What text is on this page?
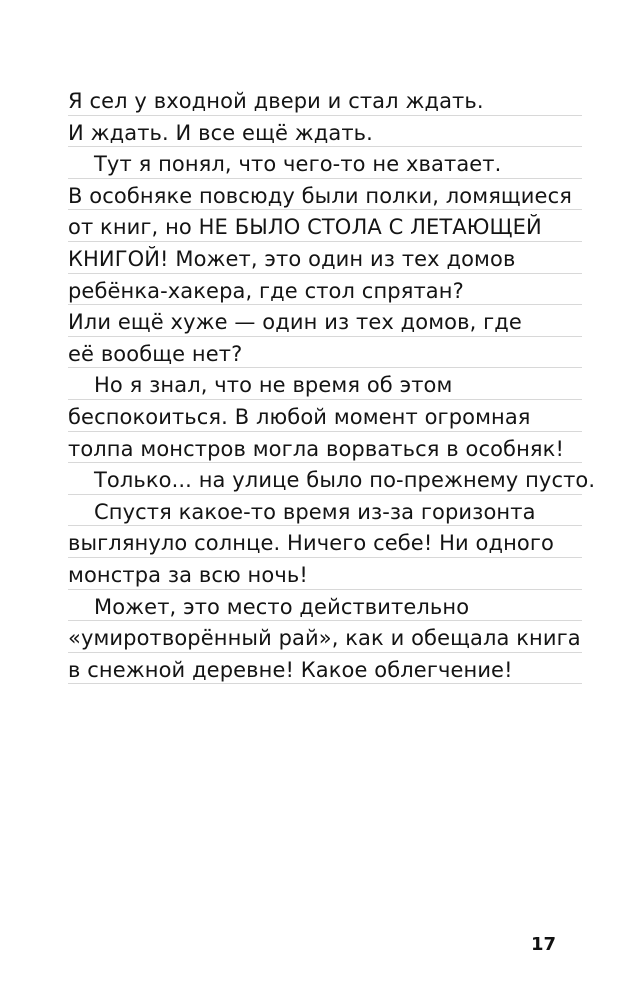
Я сел у входной двери и стал ждать.
И ждать. И все ещё ждать.
Тут я понял, что чего-то не хватает.
В особняке повсюду были полки, ломящиеся
от книг, но НЕ БЫЛО СТОЛА С ЛЕТАЮЩЕЙ
КНИГОЙ! Может, это один из тех домов
ребёнка-хакера, где стол спрятан?
Или ещё хуже — один из тех домов, где
её вообще нет?
Но я знал, что не время об этом
беспокоиться. В любой момент огромная
толпа монстров могла ворваться в особняк!
Только... на улице было по-прежнему пусто.
Спустя какое-то время из-за горизонта
выглянуло солнце. Ничего себе! Ни одного
монстра за всю ночь!
Может, это место действительно
«умиротворённый рай», как и обещала книга
в снежной деревне! Какое облегчение!
17
